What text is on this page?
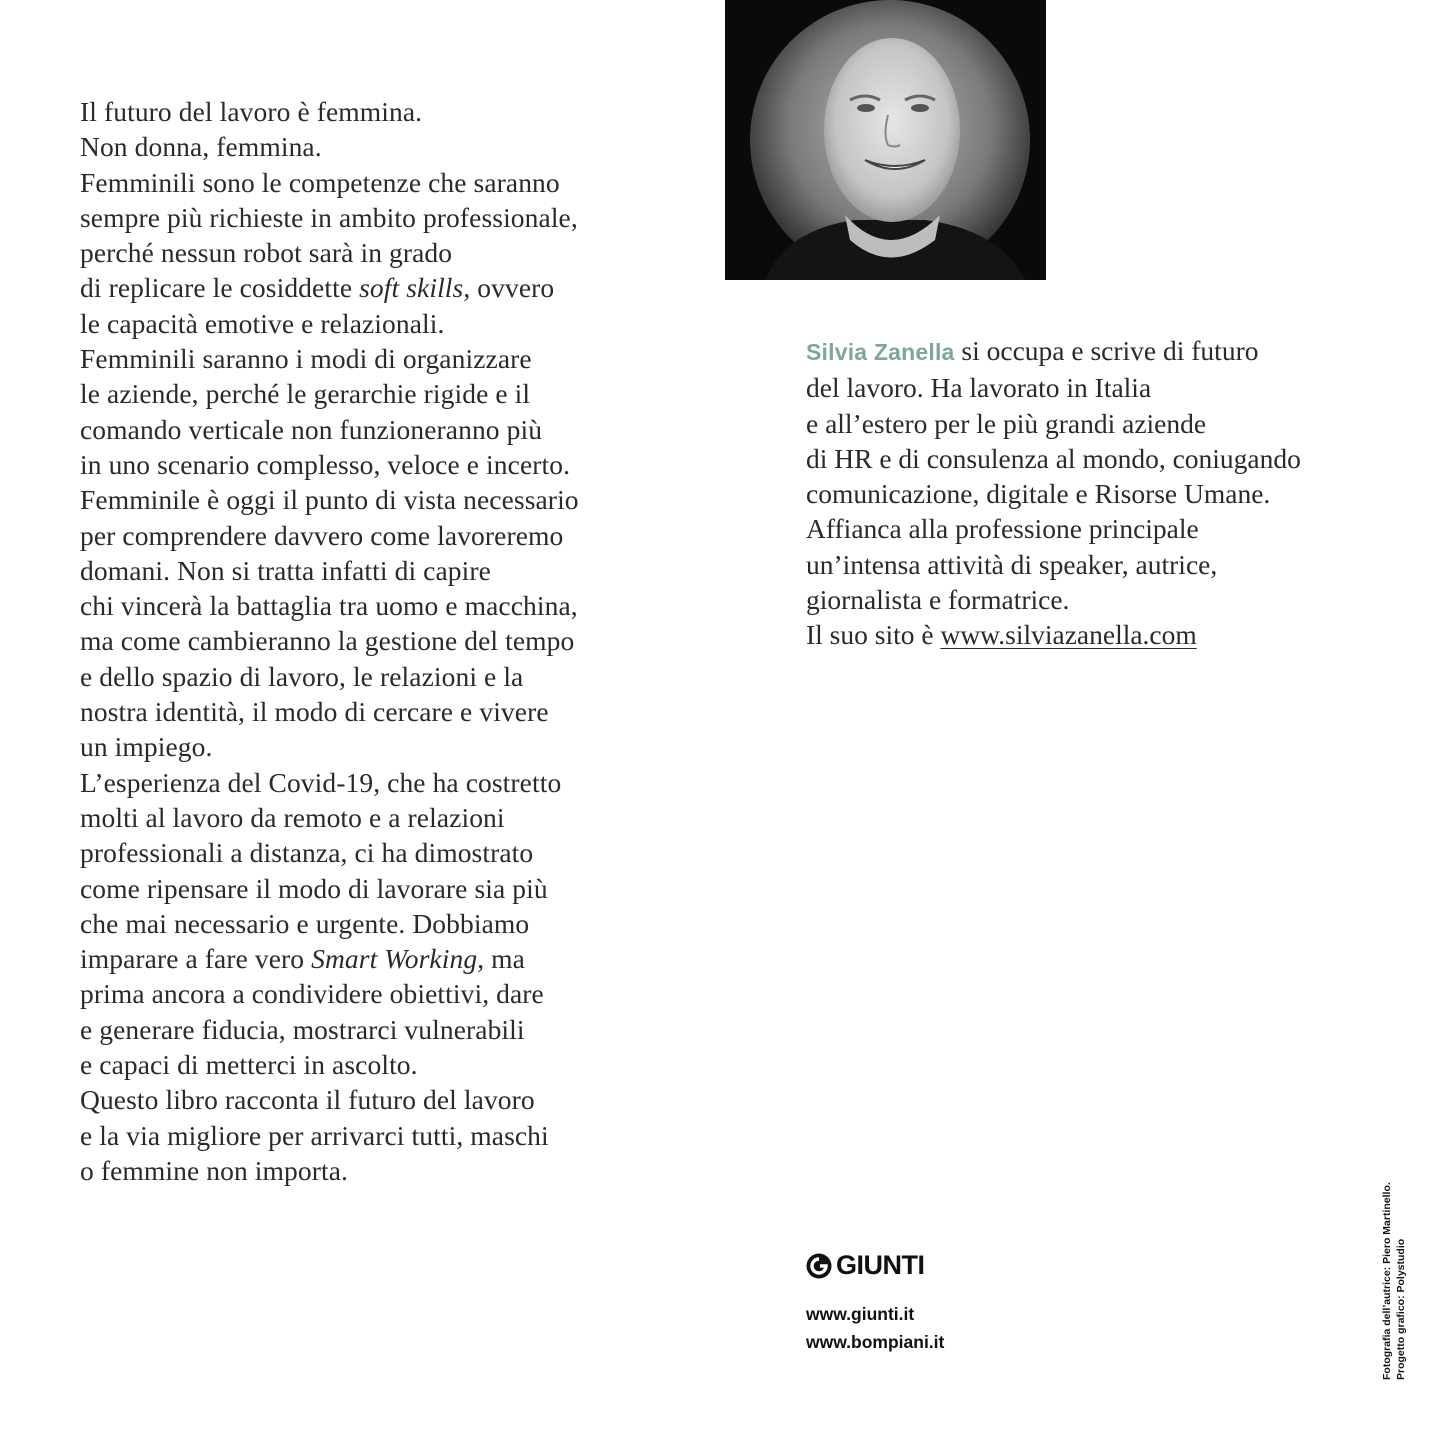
Il futuro del lavoro è femmina.
Non donna, femmina.
Femminili sono le competenze che saranno
sempre più richieste in ambito professionale,
perché nessun robot sarà in grado
di replicare le cosiddette soft skills, ovvero
le capacità emotive e relazionali.
Femminili saranno i modi di organizzare
le aziende, perché le gerarchie rigide e il
comando verticale non funzioneranno più
in uno scenario complesso, veloce e incerto.
Femminile è oggi il punto di vista necessario
per comprendere davvero come lavoreremo
domani. Non si tratta infatti di capire
chi vincerà la battaglia tra uomo e macchina,
ma come cambieranno la gestione del tempo
e dello spazio di lavoro, le relazioni e la
nostra identità, il modo di cercare e vivere
un impiego.
L’esperienza del Covid-19, che ha costretto
molti al lavoro da remoto e a relazioni
professionali a distanza, ci ha dimostrato
come ripensare il modo di lavorare sia più
che mai necessario e urgente. Dobbiamo
imparare a fare vero Smart Working, ma
prima ancora a condividere obiettivi, dare
e generare fiducia, mostrarci vulnerabili
e capaci di metterci in ascolto.
Questo libro racconta il futuro del lavoro
e la via migliore per arrivarci tutti, maschi
o femmine non importa.
Silvia Zanella si occupa e scrive di futuro
del lavoro. Ha lavorato in Italia
e all’estero per le più grandi aziende
di HR e di consulenza al mondo, coniugando
comunicazione, digitale e Risorse Umane.
Affianca alla professione principale
un’intensa attività di speaker, autrice,
giornalista e formatrice.
Il suo sito è www.silviazanella.com
GIUNTI
www.giunti.it
www.bompiani.it	Fotografia dell’autrice: Piero Martinello. Progetto grafico: Polystudio
